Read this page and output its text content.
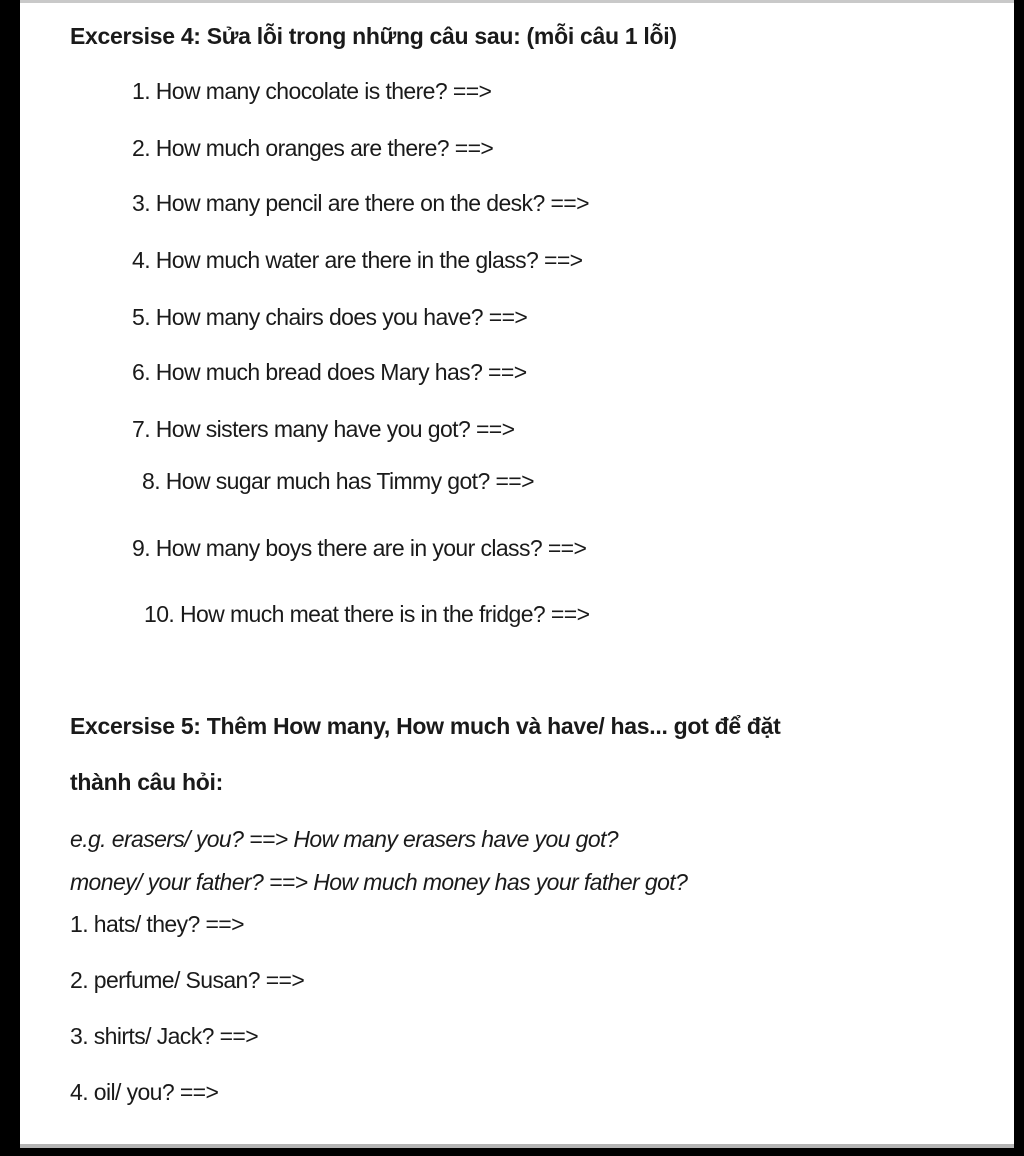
Excersise 4: Sửa lỗi trong những câu sau: (mỗi câu 1 lỗi)
1. How many chocolate is there? ==>
2. How much oranges are there? ==>
3. How many pencil are there on the desk? ==>
4. How much water are there in the glass? ==>
5. How many chairs does you have? ==>
6. How much bread does Mary has? ==>
7. How sisters many have you got? ==>
8. How sugar much has Timmy got? ==>
9. How many boys there are in your class? ==>
10. How much meat there is in the fridge? ==>
Excersise 5: Thêm How many, How much và have/ has... got để đặt
thành câu hỏi:
e.g. erasers/ you? ==> How many erasers have you got?
money/ your father? ==> How much money has your father got?
1. hats/ they? ==>
2. perfume/ Susan? ==>
3. shirts/ Jack? ==>
4. oil/ you? ==>
